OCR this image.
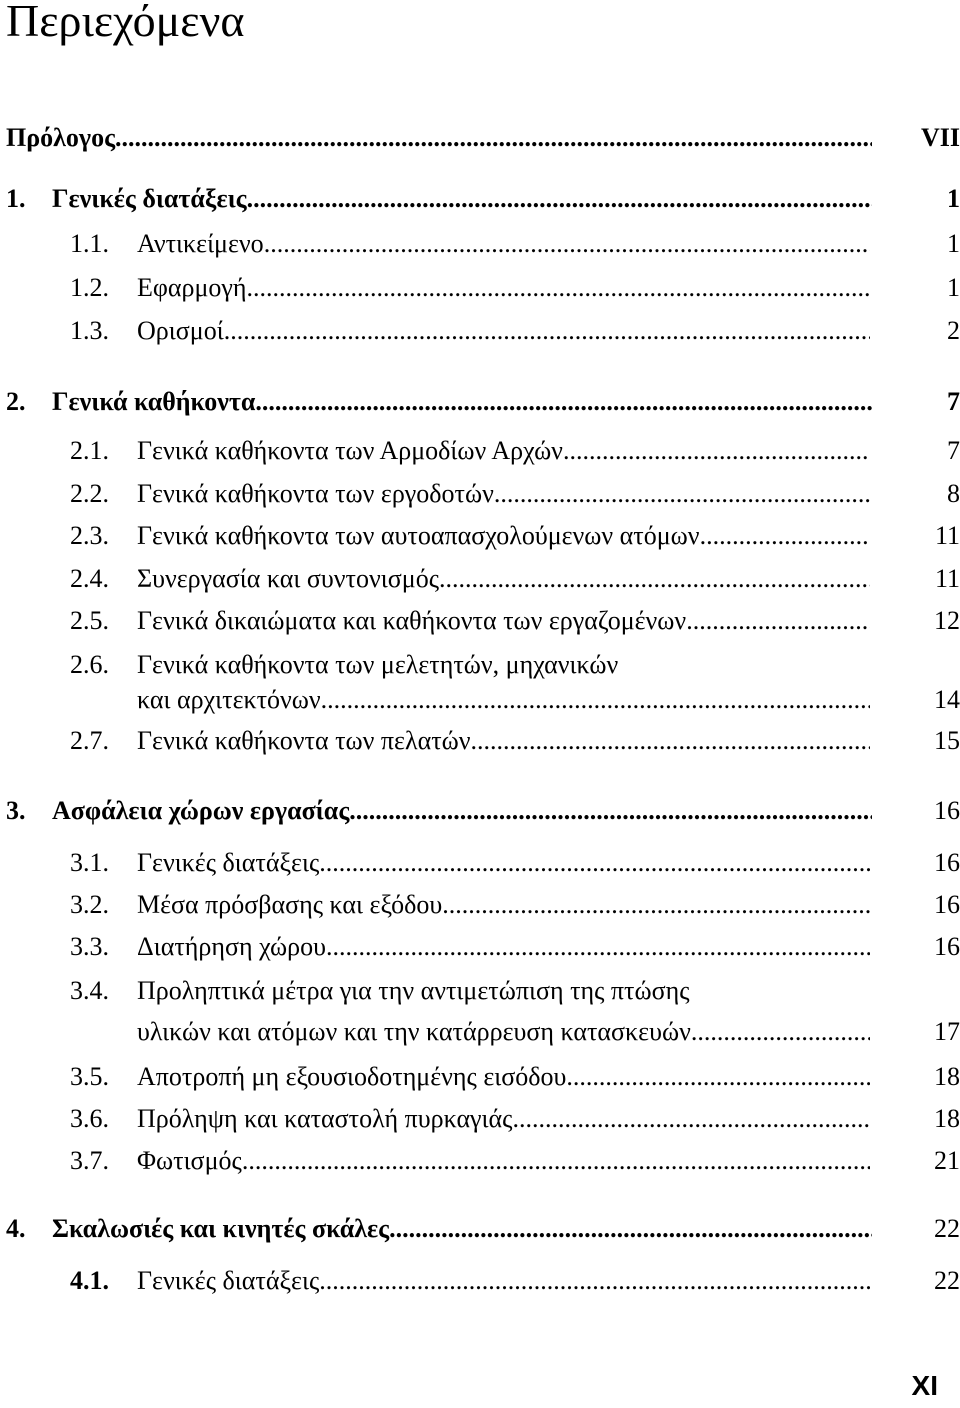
Περιεχόμενα
Πρόλογος .....	VII
1. Γενικές διατάξεις .....	1
1.1. Αντικείμενο .....	1
1.2. Εφαρμογή .....	1
1.3. Ορισμοί .....	2
2. Γενικά καθήκοντα .....	7
2.1. Γενικά καθήκοντα των Αρμοδίων Αρχών .....	7
2.2. Γενικά καθήκοντα των εργοδοτών .....	8
2.3. Γενικά καθήκοντα των αυτοαπασχολούμενων ατόμων .....	11
2.4. Συνεργασία και συντονισμός .....	11
2.5. Γενικά δικαιώματα και καθήκοντα των εργαζομένων .....	12
2.6. Γενικά καθήκοντα των μελετητών, μηχανικών
και αρχιτεκτόνων .....	14
2.7. Γενικά καθήκοντα των πελατών .....	15
3. Ασφάλεια χώρων εργασίας .....	16
3.1. Γενικές διατάξεις .....	16
3.2. Μέσα πρόσβασης και εξόδου .....	16
3.3. Διατήρηση χώρου .....	16
3.4. Προληπτικά μέτρα για την αντιμετώπιση της πτώσης
υλικών και ατόμων και την κατάρρευση κατασκευών .....	17
3.5. Αποτροπή μη εξουσιοδοτημένης εισόδου .....	18
3.6. Πρόληψη και καταστολή πυρκαγιάς .....	18
3.7. Φωτισμός .....	21
4. Σκαλωσιές και κινητές σκάλες .....	22
4.1. Γενικές διατάξεις .....	22
XI
